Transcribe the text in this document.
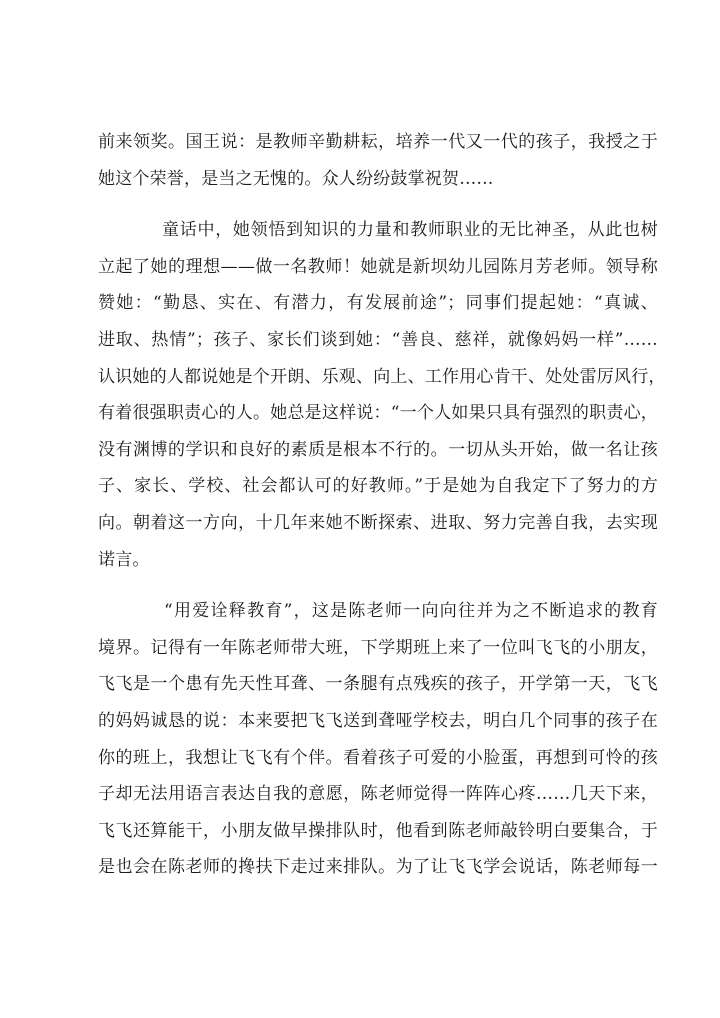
前来领奖。国王说：是教师辛勤耕耘，培养一代又一代的孩子，我授之于
她这个荣誉，是当之无愧的。众人纷纷鼓掌祝贺……
童话中，她领悟到知识的力量和教师职业的无比神圣，从此也树
立起了她的理想——做一名教师！她就是新坝幼儿园陈月芳老师。领导称
赞她：“勤恳、实在、有潜力，有发展前途”；同事们提起她：“真诚、
进取、热情”；孩子、家长们谈到她：“善良、慈祥，就像妈妈一样”……
认识她的人都说她是个开朗、乐观、向上、工作用心肯干、处处雷厉风行，
有着很强职责心的人。她总是这样说：“一个人如果只具有强烈的职责心，
没有渊博的学识和良好的素质是根本不行的。一切从头开始，做一名让孩
子、家长、学校、社会都认可的好教师。”于是她为自我定下了努力的方
向。朝着这一方向，十几年来她不断探索、进取、努力完善自我，去实现
诺言。
“用爱诠释教育”，这是陈老师一向向往并为之不断追求的教育
境界。记得有一年陈老师带大班，下学期班上来了一位叫飞飞的小朋友，
飞飞是一个患有先天性耳聋、一条腿有点残疾的孩子，开学第一天，飞飞
的妈妈诚恳的说：本来要把飞飞送到聋哑学校去，明白几个同事的孩子在
你的班上，我想让飞飞有个伴。看着孩子可爱的小脸蛋，再想到可怜的孩
子却无法用语言表达自我的意愿，陈老师觉得一阵阵心疼……几天下来，
飞飞还算能干，小朋友做早操排队时，他看到陈老师敲铃明白要集合，于
是也会在陈老师的搀扶下走过来排队。为了让飞飞学会说话，陈老师每一
